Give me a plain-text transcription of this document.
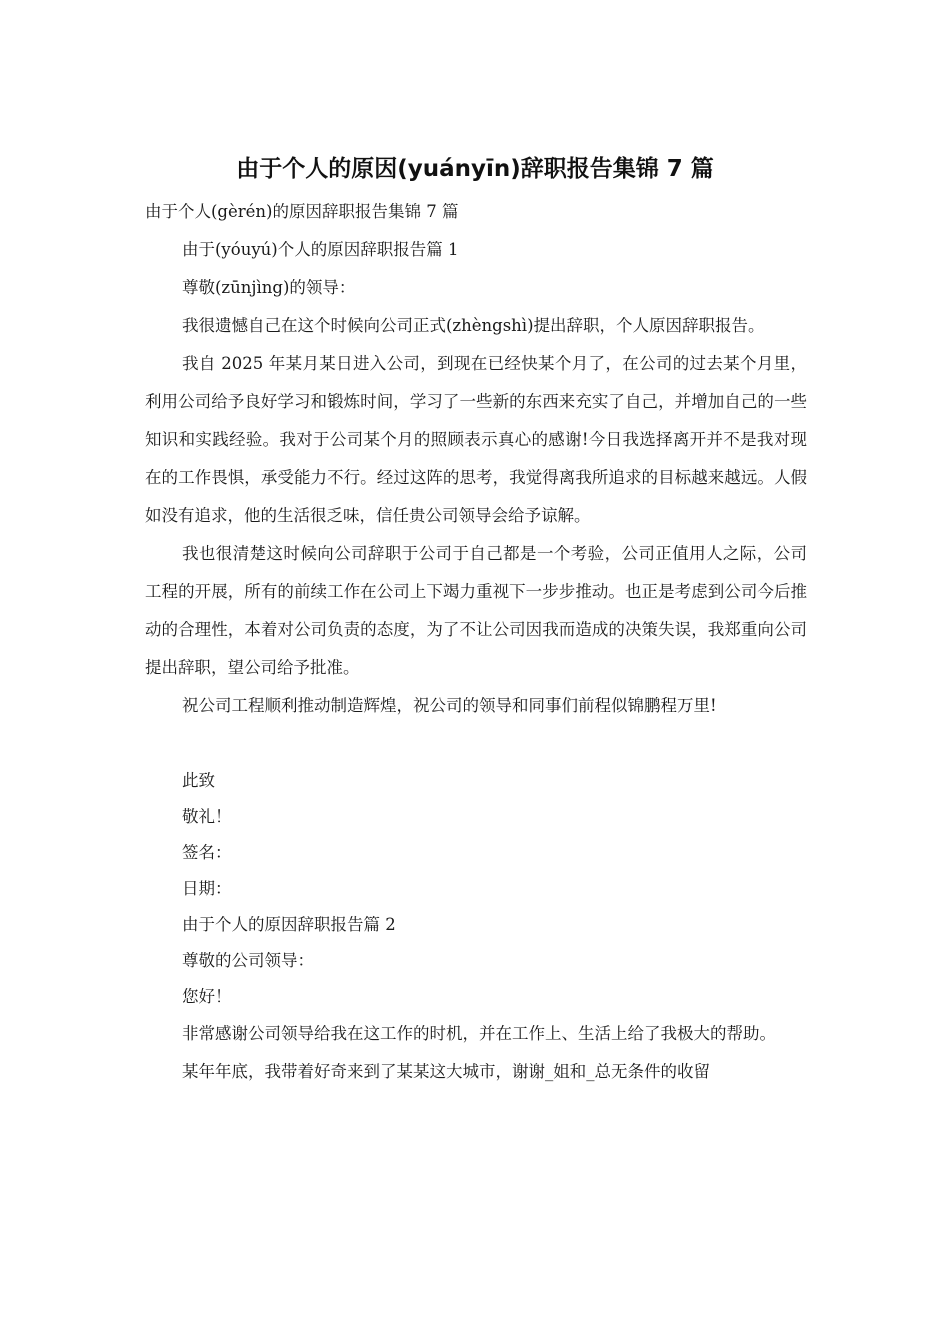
由于个人的原因(yuányīn)辞职报告集锦 7 篇

由于个人(gèrén)的原因辞职报告集锦 7 篇

由于(yóuyú)个人的原因辞职报告篇 1

尊敬(zūnjìng)的领导：

我很遗憾自己在这个时候向公司正式(zhèngshì)提出辞职，个人原因辞职报告。

我自 2025 年某月某日进入公司，到现在已经快某个月了，在公司的过去某个月里，利用公司给予良好学习和锻炼时间，学习了一些新的东西来充实了自己，并增加自己的一些知识和实践经验。我对于公司某个月的照顾表示真心的感谢!今日我选择离开并不是我对现在的工作畏惧，承受能力不行。经过这阵的思考，我觉得离我所追求的目标越来越远。人假如没有追求，他的生活很乏味，信任贵公司领导会给予谅解。

我也很清楚这时候向公司辞职于公司于自己都是一个考验，公司正值用人之际，公司工程的开展，所有的前续工作在公司上下竭力重视下一步步推动。也正是考虑到公司今后推动的合理性，本着对公司负责的态度，为了不让公司因我而造成的决策失误，我郑重向公司提出辞职，望公司给予批准。

祝公司工程顺利推动制造辉煌，祝公司的领导和同事们前程似锦鹏程万里!

此致

敬礼！

签名：

日期：

由于个人的原因辞职报告篇 2

尊敬的公司领导：

您好！

非常感谢公司领导给我在这工作的时机，并在工作上、生活上给了我极大的帮助。

某年年底，我带着好奇来到了某某这大城市，谢谢_姐和_总无条件的收留
